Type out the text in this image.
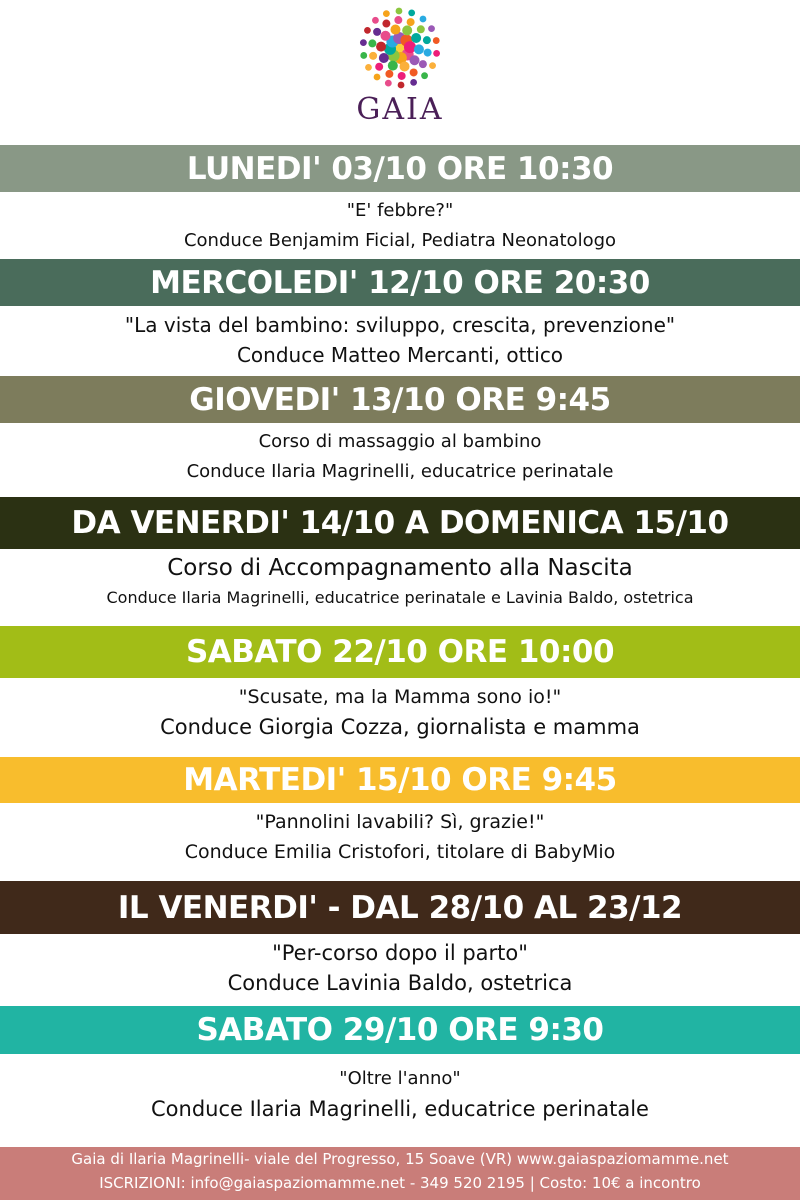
GAIA
LUNEDI' 03/10 ORE 10:30
"E' febbre?"
Conduce Benjamim Ficial, Pediatra Neonatologo
MERCOLEDI' 12/10 ORE 20:30
"La vista del bambino: sviluppo, crescita, prevenzione"
Conduce Matteo Mercanti, ottico
GIOVEDI' 13/10 ORE 9:45
Corso di massaggio al bambino
Conduce Ilaria Magrinelli, educatrice perinatale
DA VENERDI' 14/10 A DOMENICA 15/10
Corso di Accompagnamento alla Nascita
Conduce Ilaria Magrinelli, educatrice perinatale e Lavinia Baldo, ostetrica
SABATO 22/10 ORE 10:00
"Scusate, ma la Mamma sono io!"
Conduce Giorgia Cozza, giornalista e mamma
MARTEDI' 15/10 ORE 9:45
"Pannolini lavabili? Sì, grazie!"
Conduce Emilia Cristofori, titolare di BabyMio
IL VENERDI' - DAL 28/10 AL 23/12
"Per-corso dopo il parto"
Conduce Lavinia Baldo, ostetrica
SABATO 29/10 ORE 9:30
"Oltre l'anno"
Conduce Ilaria Magrinelli, educatrice perinatale
Gaia di Ilaria Magrinelli- viale del Progresso, 15 Soave (VR) www.gaiaspaziomamme.net
ISCRIZIONI: info@gaiaspaziomamme.net - 349 520 2195 | Costo: 10€ a incontro
